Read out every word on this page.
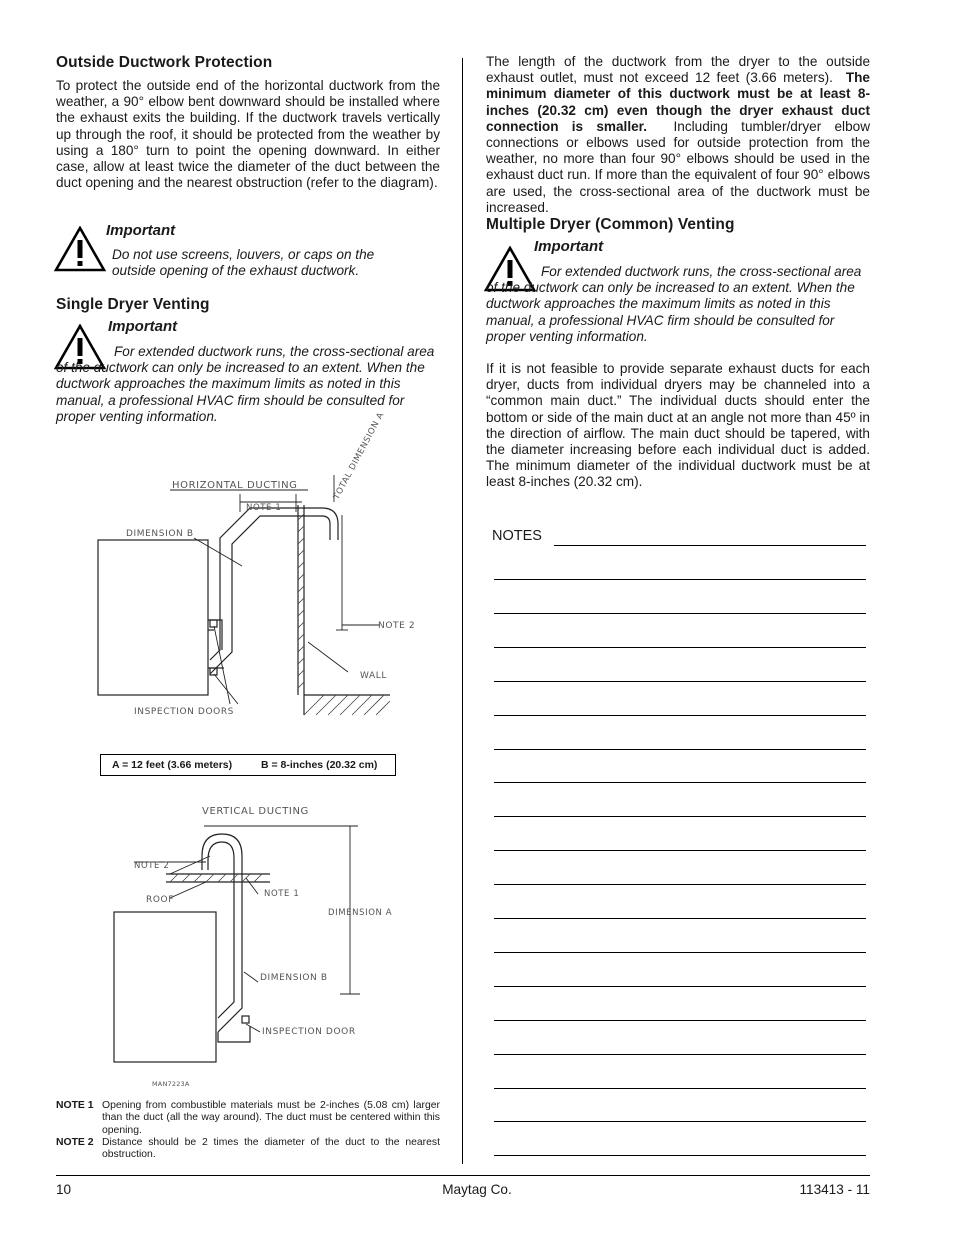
Outside Ductwork Protection
To protect the outside end of the horizontal ductwork from the weather, a 90° elbow bent downward should be installed where the exhaust exits the building. If the ductwork travels vertically up through the roof, it should be protected from the weather by using a 180° turn to point the opening downward. In either case, allow at least twice the diameter of the duct between the duct opening and the nearest obstruction (refer to the diagram).
Important
Do not use screens, louvers, or caps on the outside opening of the exhaust ductwork.
Single Dryer Venting
Important
For extended ductwork runs, the cross-sectional area of the ductwork can only be increased to an extent. When the ductwork approaches the maximum limits as noted in this manual, a professional HVAC firm should be consulted for proper venting information.
HORIZONTAL DUCTING
NOTE 1
DIMENSION B
NOTE 2
WALL
INSPECTION DOORS
TOTAL DIMENSION A
A = 12 feet (3.66 meters)	B = 8-inches (20.32 cm)
VERTICAL DUCTING
NOTE 2
ROOF
NOTE 1
DIMENSION A
DIMENSION B
INSPECTION DOOR
MAN7223A
NOTE 1 Opening from combustible materials must be 2-inches (5.08 cm) larger than the duct (all the way around). The duct must be centered within this opening.
NOTE 2 Distance should be 2 times the diameter of the duct to the nearest obstruction.
The length of the ductwork from the dryer to the outside exhaust outlet, must not exceed 12 feet (3.66 meters). The minimum diameter of this ductwork must be at least 8-inches (20.32 cm) even though the dryer exhaust duct connection is smaller. Including tumbler/dryer elbow connections or elbows used for outside protection from the weather, no more than four 90° elbows should be used in the exhaust duct run. If more than the equivalent of four 90° elbows are used, the cross-sectional area of the ductwork must be increased.
Multiple Dryer (Common) Venting
Important
For extended ductwork runs, the cross-sectional area of the ductwork can only be increased to an extent. When the ductwork approaches the maximum limits as noted in this manual, a professional HVAC firm should be consulted for proper venting information.
If it is not feasible to provide separate exhaust ducts for each dryer, ducts from individual dryers may be channeled into a “common main duct.” The individual ducts should enter the bottom or side of the main duct at an angle not more than 45º in the direction of airflow. The main duct should be tapered, with the diameter increasing before each individual duct is added. The minimum diameter of the individual ductwork must be at least 8-inches (20.32 cm).
NOTES
10	Maytag Co.	113413 - 11
